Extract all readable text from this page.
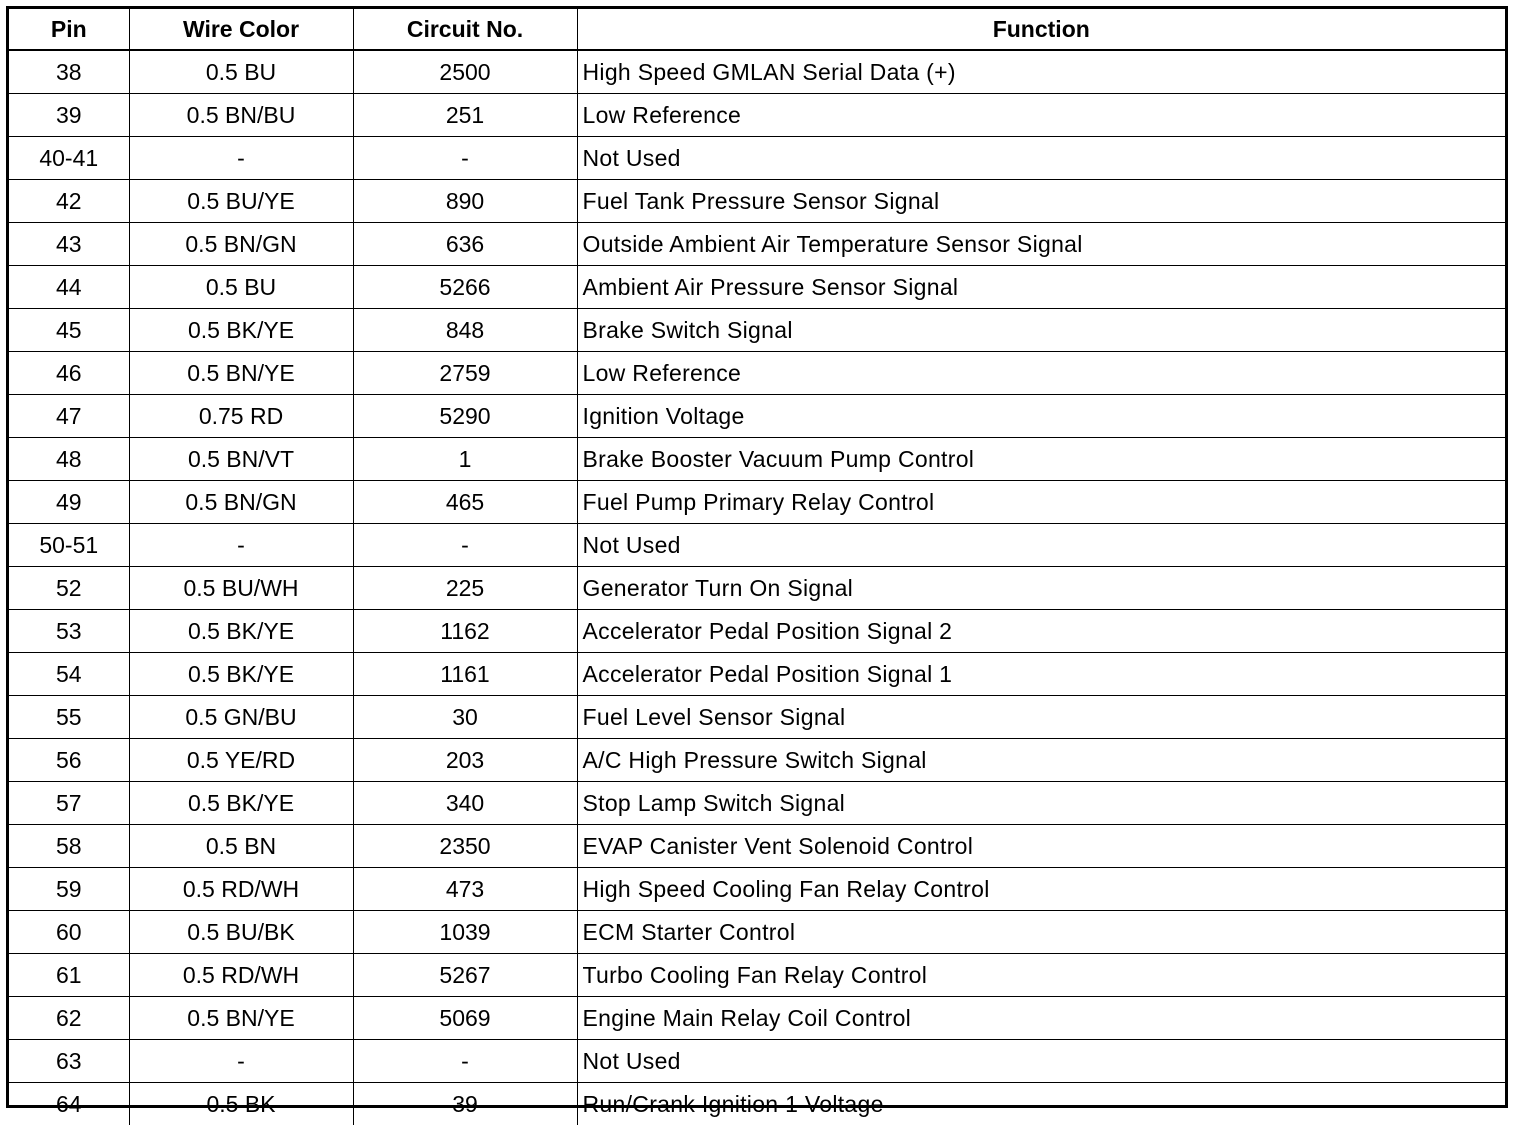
Pin	Wire Color	Circuit No.	Function
38	0.5 BU	2500	High Speed GMLAN Serial Data (+)
39	0.5 BN/BU	251	Low Reference
40-41	-	-	Not Used
42	0.5 BU/YE	890	Fuel Tank Pressure Sensor Signal
43	0.5 BN/GN	636	Outside Ambient Air Temperature Sensor Signal
44	0.5 BU	5266	Ambient Air Pressure Sensor Signal
45	0.5 BK/YE	848	Brake Switch Signal
46	0.5 BN/YE	2759	Low Reference
47	0.75 RD	5290	Ignition Voltage
48	0.5 BN/VT	1	Brake Booster Vacuum Pump Control
49	0.5 BN/GN	465	Fuel Pump Primary Relay Control
50-51	-	-	Not Used
52	0.5 BU/WH	225	Generator Turn On Signal
53	0.5 BK/YE	1162	Accelerator Pedal Position Signal 2
54	0.5 BK/YE	1161	Accelerator Pedal Position Signal 1
55	0.5 GN/BU	30	Fuel Level Sensor Signal
56	0.5 YE/RD	203	A/C High Pressure Switch Signal
57	0.5 BK/YE	340	Stop Lamp Switch Signal
58	0.5 BN	2350	EVAP Canister Vent Solenoid Control
59	0.5 RD/WH	473	High Speed Cooling Fan Relay Control
60	0.5 BU/BK	1039	ECM Starter Control
61	0.5 RD/WH	5267	Turbo Cooling Fan Relay Control
62	0.5 BN/YE	5069	Engine Main Relay Coil Control
63	-	-	Not Used
64	0.5 BK	39	Run/Crank Ignition 1 Voltage
